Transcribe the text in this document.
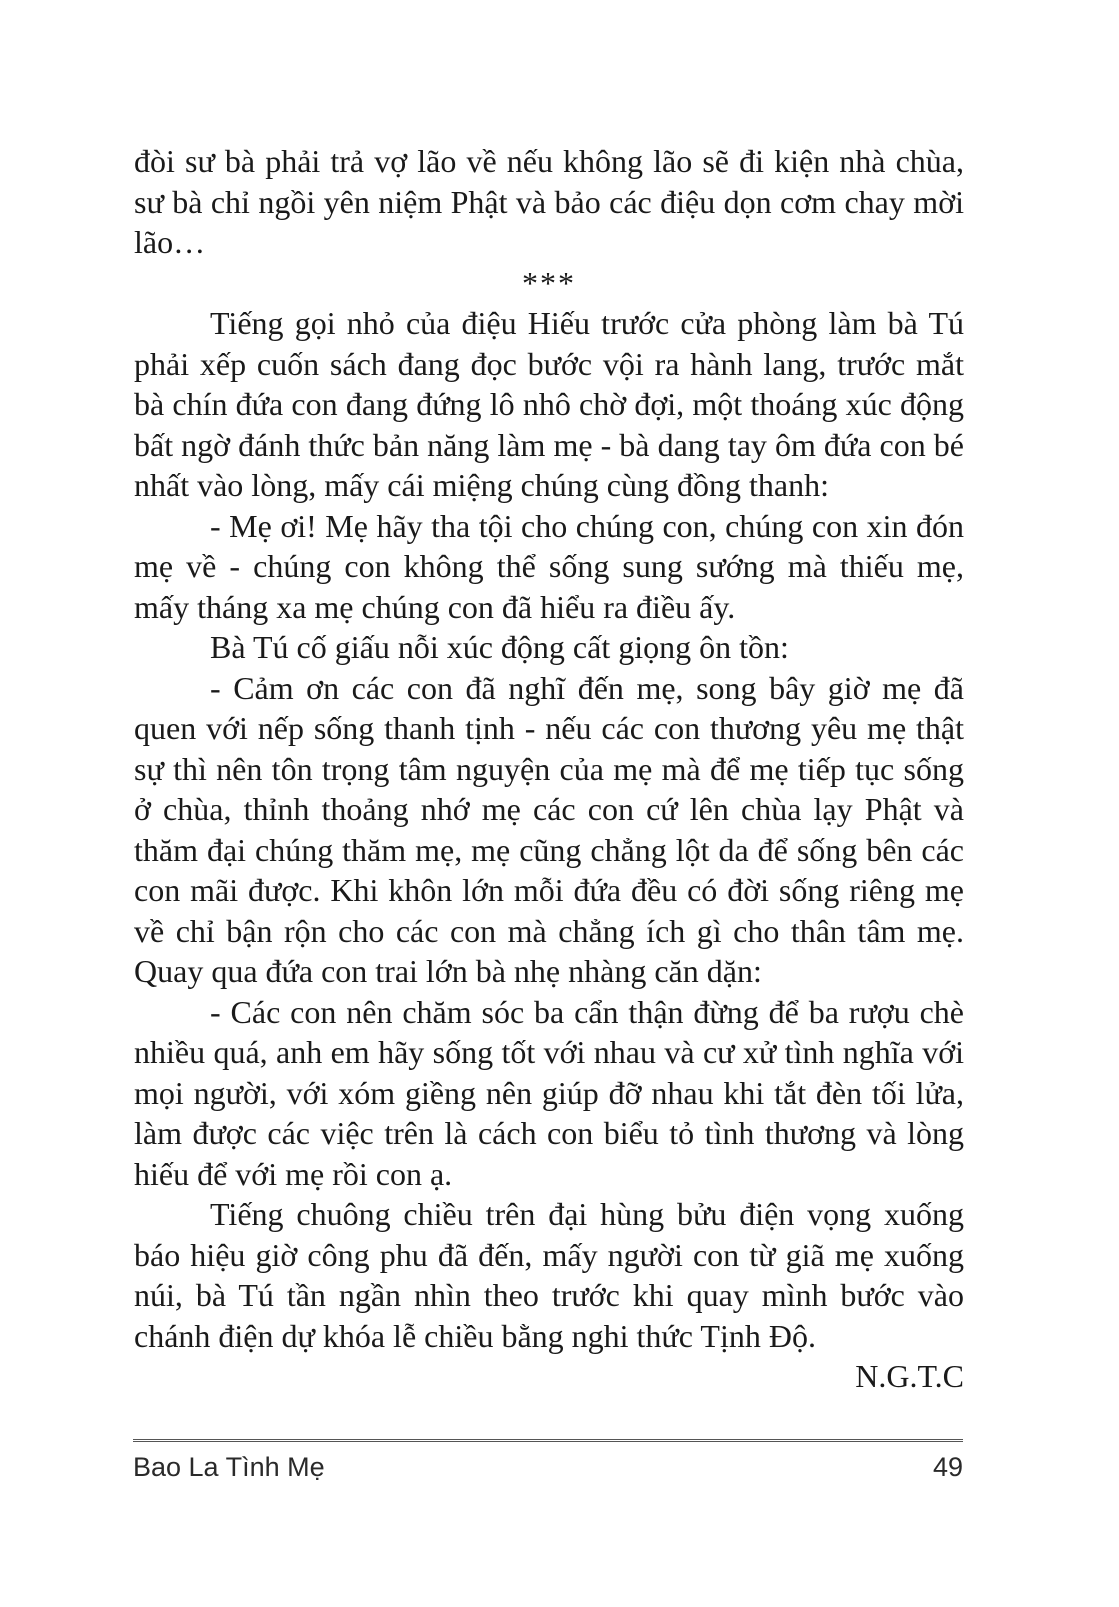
đòi sư bà phải trả vợ lão về nếu không lão sẽ đi kiện nhà chùa, sư bà chỉ ngồi yên niệm Phật và bảo các điệu dọn cơm chay mời lão…

***

Tiếng gọi nhỏ của điệu Hiếu trước cửa phòng làm bà Tú phải xếp cuốn sách đang đọc bước vội ra hành lang, trước mắt bà chín đứa con đang đứng lô nhô chờ đợi, một thoáng xúc động bất ngờ đánh thức bản năng làm mẹ - bà dang tay ôm đứa con bé nhất vào lòng, mấy cái miệng chúng cùng đồng thanh:

- Mẹ ơi! Mẹ hãy tha tội cho chúng con, chúng con xin đón mẹ về - chúng con không thể sống sung sướng mà thiếu mẹ, mấy tháng xa mẹ chúng con đã hiểu ra điều ấy.

Bà Tú cố giấu nỗi xúc động cất giọng ôn tồn:

- Cảm ơn các con đã nghĩ đến mẹ, song bây giờ mẹ đã quen với nếp sống thanh tịnh - nếu các con thương yêu mẹ thật sự thì nên tôn trọng tâm nguyện của mẹ mà để mẹ tiếp tục sống ở chùa, thỉnh thoảng nhớ mẹ các con cứ lên chùa lạy Phật và thăm đại chúng thăm mẹ, mẹ cũng chẳng lột da để sống bên các con mãi được. Khi khôn lớn mỗi đứa đều có đời sống riêng mẹ về chỉ bận rộn cho các con mà chẳng ích gì cho thân tâm mẹ. Quay qua đứa con trai lớn bà nhẹ nhàng căn dặn:

- Các con nên chăm sóc ba cẩn thận đừng để ba rượu chè nhiều quá, anh em hãy sống tốt với nhau và cư xử tình nghĩa với mọi người, với xóm giềng nên giúp đỡ nhau khi tắt đèn tối lửa, làm được các việc trên là cách con biểu tỏ tình thương và lòng hiếu để với mẹ rồi con ạ.

Tiếng chuông chiều trên đại hùng bửu điện vọng xuống báo hiệu giờ công phu đã đến, mấy người con từ giã mẹ xuống núi, bà Tú tần ngần nhìn theo trước khi quay mình bước vào chánh điện dự khóa lễ chiều bằng nghi thức Tịnh Độ.

N.G.T.C

Bao La Tình Mẹ	49
